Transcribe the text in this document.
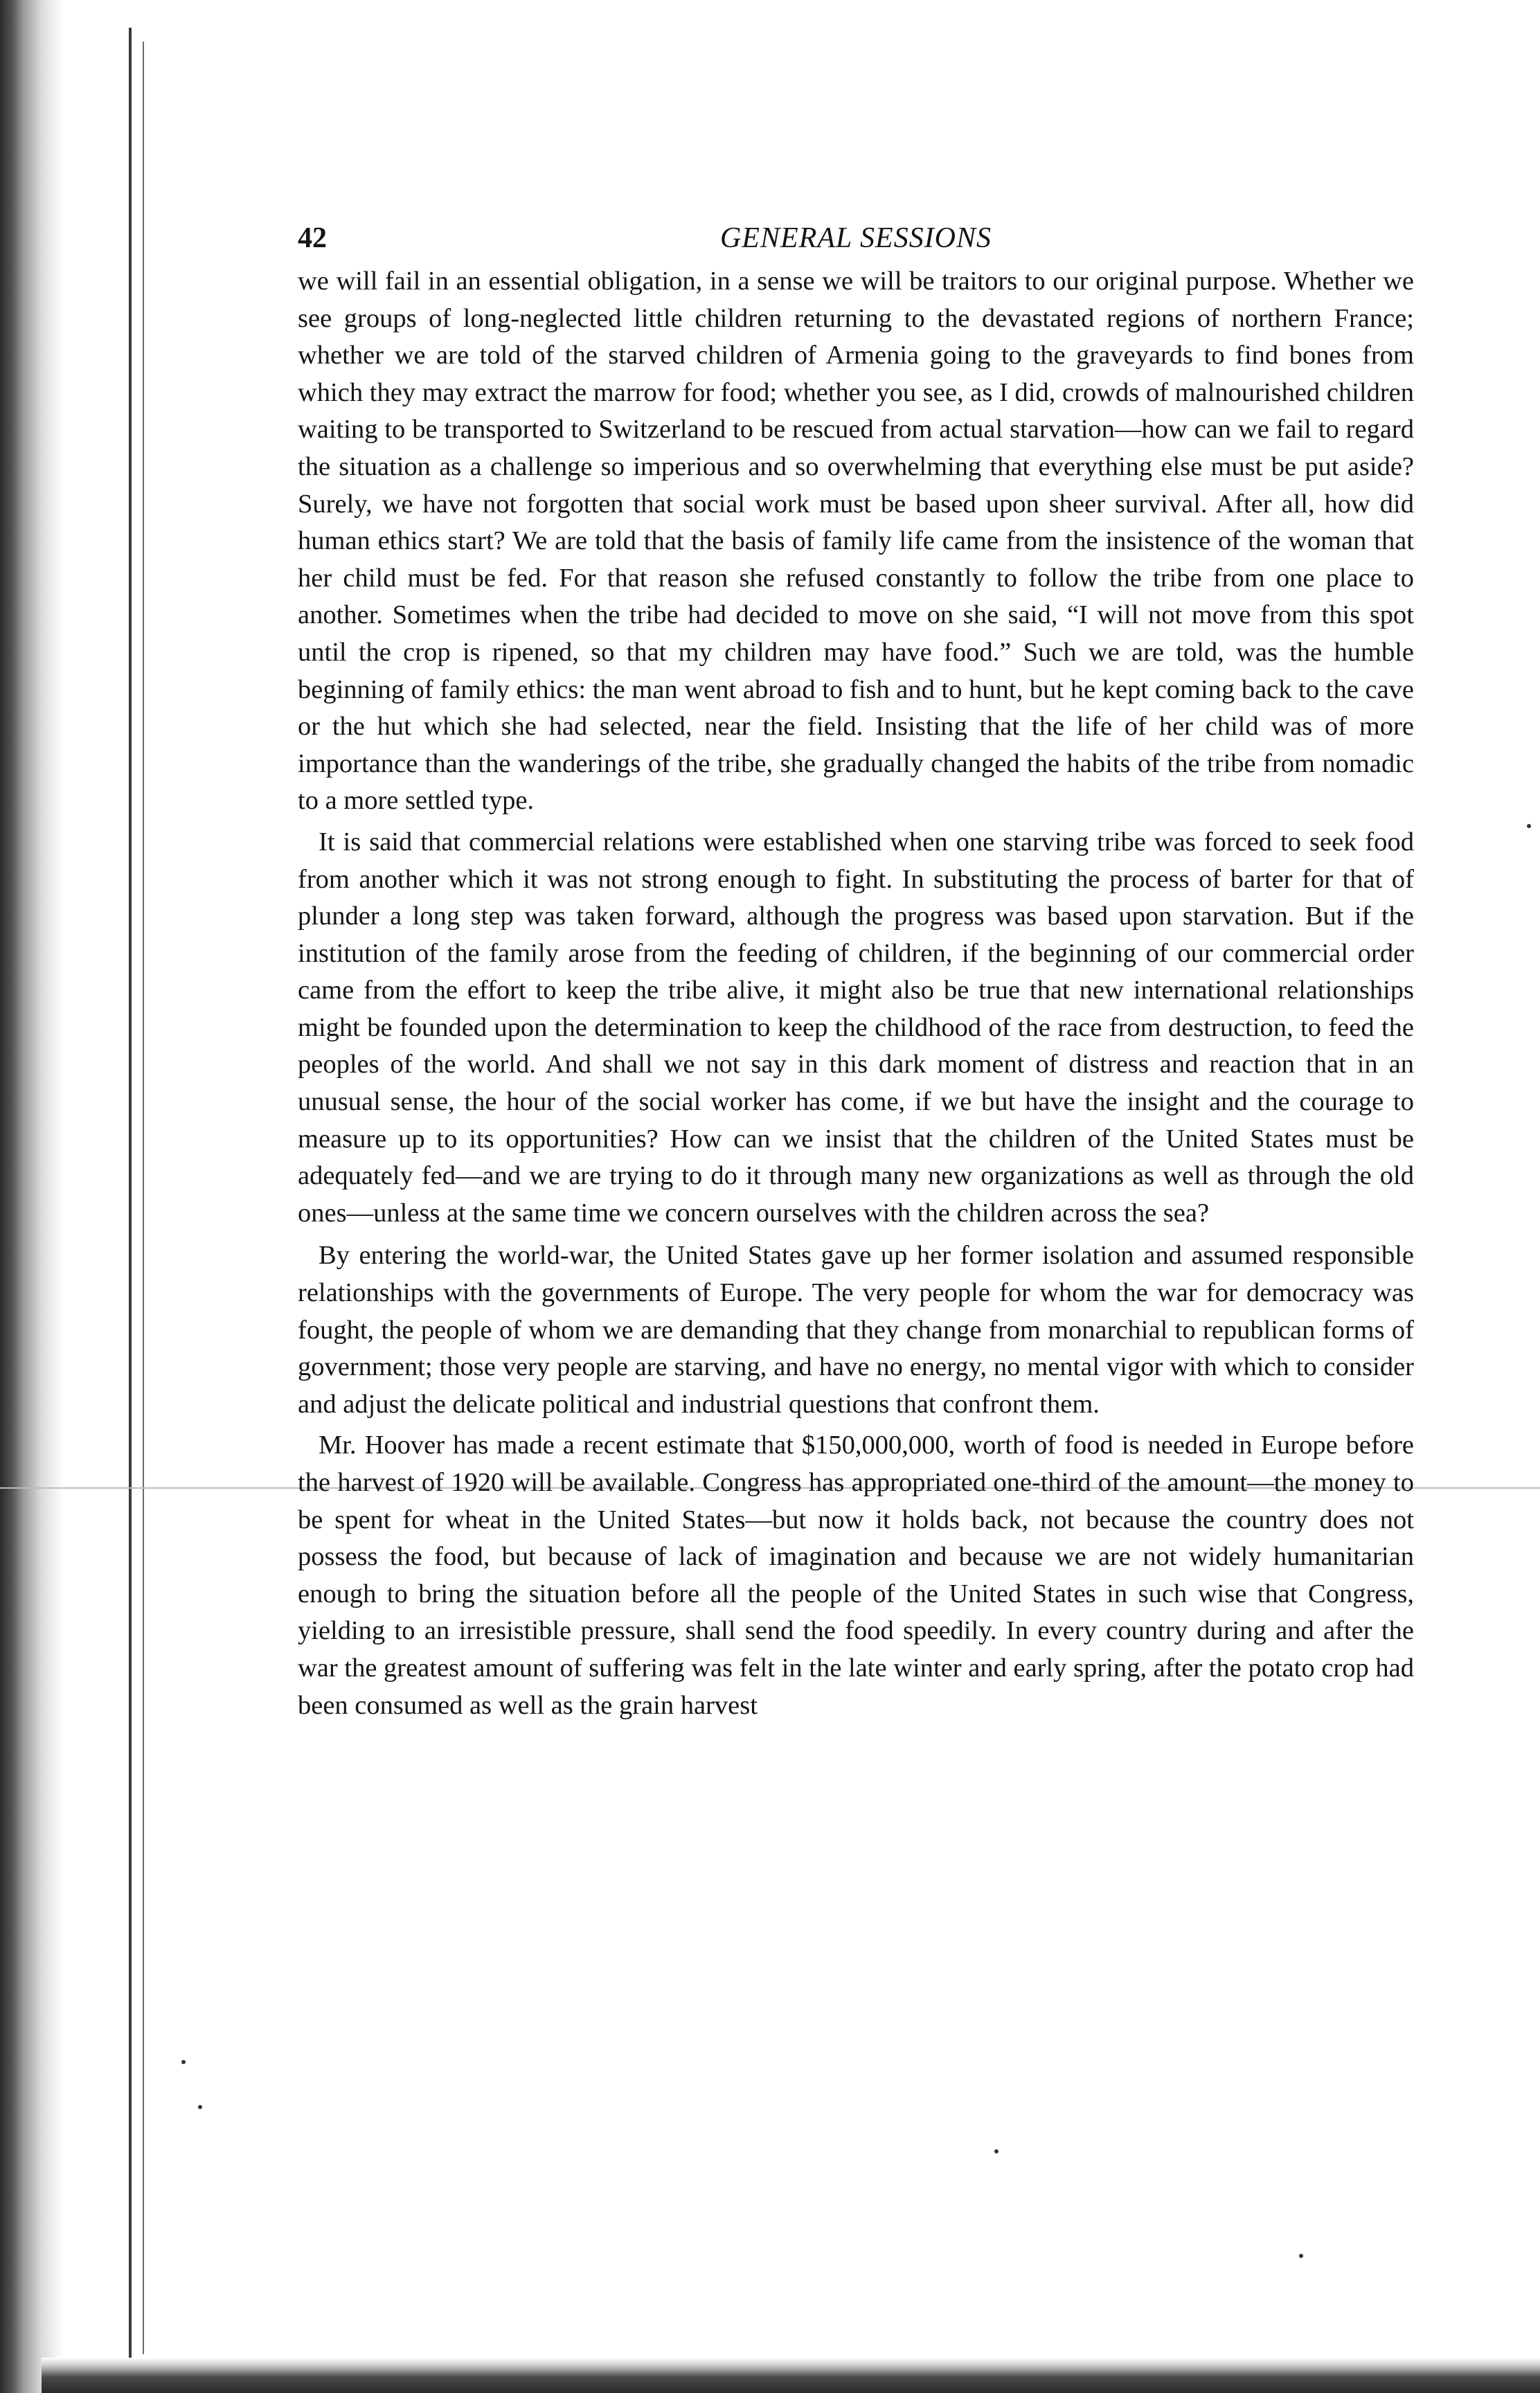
42	GENERAL SESSIONS

we will fail in an essential obligation, in a sense we will be traitors to our original purpose. Whether we see groups of long-neglected little children returning to the devastated regions of northern France; whether we are told of the starved children of Armenia going to the graveyards to find bones from which they may extract the marrow for food; whether you see, as I did, crowds of malnourished children waiting to be transported to Switzerland to be rescued from actual starvation—how can we fail to regard the situation as a challenge so imperious and so overwhelming that everything else must be put aside? Surely, we have not forgotten that social work must be based upon sheer survival. After all, how did human ethics start? We are told that the basis of family life came from the insistence of the woman that her child must be fed. For that reason she refused constantly to follow the tribe from one place to another. Sometimes when the tribe had decided to move on she said, “I will not move from this spot until the crop is ripened, so that my children may have food.” Such we are told, was the humble beginning of family ethics: the man went abroad to fish and to hunt, but he kept coming back to the cave or the hut which she had selected, near the field. Insisting that the life of her child was of more importance than the wanderings of the tribe, she gradually changed the habits of the tribe from nomadic to a more settled type.

It is said that commercial relations were established when one starving tribe was forced to seek food from another which it was not strong enough to fight. In substituting the process of barter for that of plunder a long step was taken forward, although the progress was based upon starvation. But if the institution of the family arose from the feeding of children, if the beginning of our commercial order came from the effort to keep the tribe alive, it might also be true that new international relationships might be founded upon the determination to keep the childhood of the race from destruction, to feed the peoples of the world. And shall we not say in this dark moment of distress and reaction that in an unusual sense, the hour of the social worker has come, if we but have the insight and the courage to measure up to its opportunities? How can we insist that the children of the United States must be adequately fed—and we are trying to do it through many new organizations as well as through the old ones—unless at the same time we concern ourselves with the children across the sea?

By entering the world-war, the United States gave up her former isolation and assumed responsible relationships with the governments of Europe. The very people for whom the war for democracy was fought, the people of whom we are demanding that they change from monarchial to republican forms of government; those very people are starving, and have no energy, no mental vigor with which to consider and adjust the delicate political and industrial questions that confront them.

Mr. Hoover has made a recent estimate that $150,000,000, worth of food is needed in Europe before the harvest of 1920 will be available. Congress has appropriated one-third of the amount—the money to be spent for wheat in the United States—but now it holds back, not because the country does not possess the food, but because of lack of imagination and because we are not widely humanitarian enough to bring the situation before all the people of the United States in such wise that Congress, yielding to an irresistible pressure, shall send the food speedily. In every country during and after the war the greatest amount of suffering was felt in the late winter and early spring, after the potato crop had been consumed as well as the grain harvest
